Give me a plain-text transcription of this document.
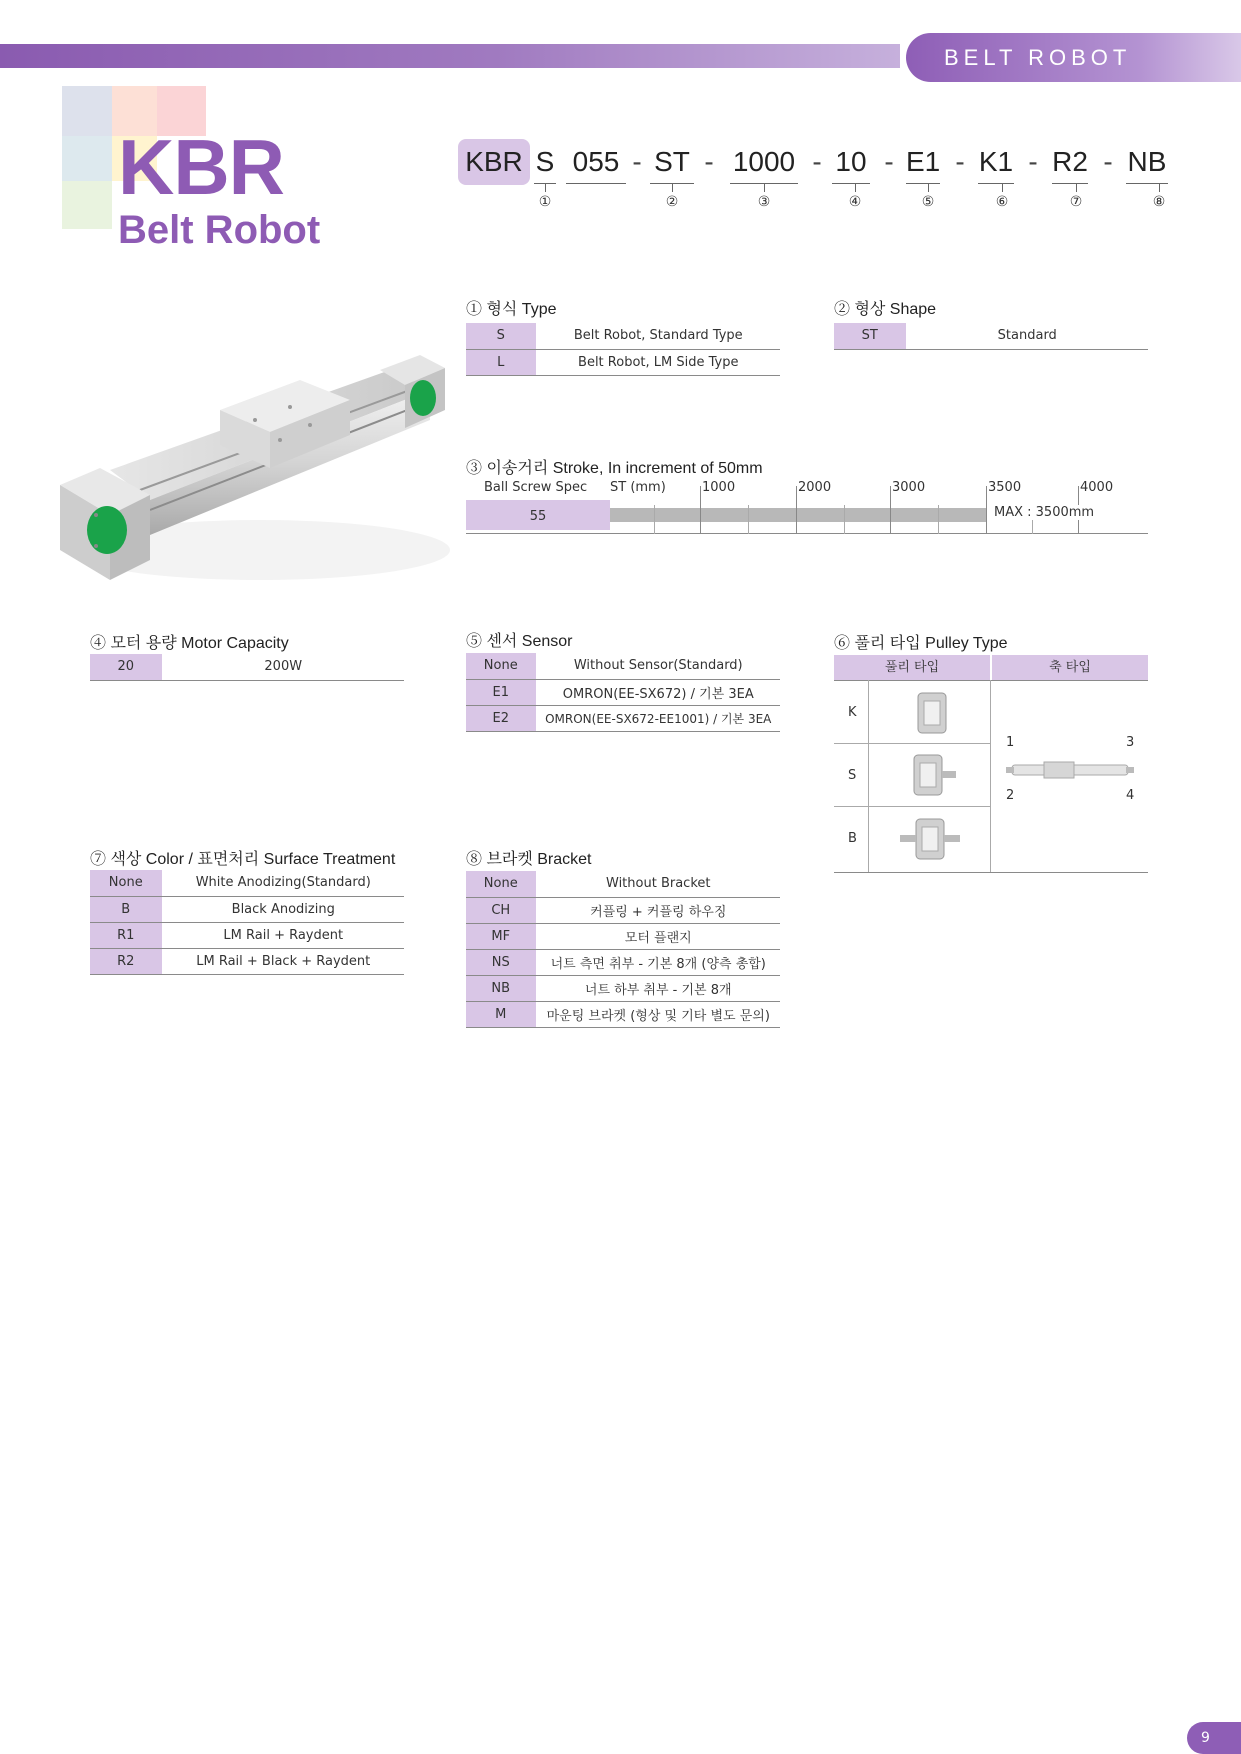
BELT ROBOT
KBR
Belt Robot
KBR S 055 - ST - 1000 - 10 - E1 - K1 - R2 - NB
①	②	③	④	⑤	⑥	⑦	⑧
① 형식 Type
S	Belt Robot, Standard Type
L	Belt Robot, LM Side Type
② 형상 Shape
ST	Standard
③ 이송거리 Stroke, In increment of 50mm
Ball Screw Spec ST (mm)	1000	2000	3000	3500	4000
55	MAX : 3500mm
④ 모터 용량 Motor Capacity
20	200W
⑤ 센서 Sensor
None	Without Sensor(Standard)
E1	OMRON(EE-SX672) / 기본 3EA
E2	OMRON(EE-SX672-EE1001) / 기본 3EA
⑥ 풀리 타입 Pulley Type
풀리 타입	축 타입
K
S
B
1	3
2	4
⑦ 색상 Color / 표면처리 Surface Treatment
None	White Anodizing(Standard)
B	Black Anodizing
R1	LM Rail + Raydent
R2	LM Rail + Black + Raydent
⑧ 브라켓 Bracket
None	Without Bracket
CH	커플링 + 커플링 하우징
MF	모터 플랜지
NS	너트 측면 취부 - 기본 8개 (양측 총합)
NB	너트 하부 취부 - 기본 8개
M	마운팅 브라켓 (형상 및 기타 별도 문의)
9
